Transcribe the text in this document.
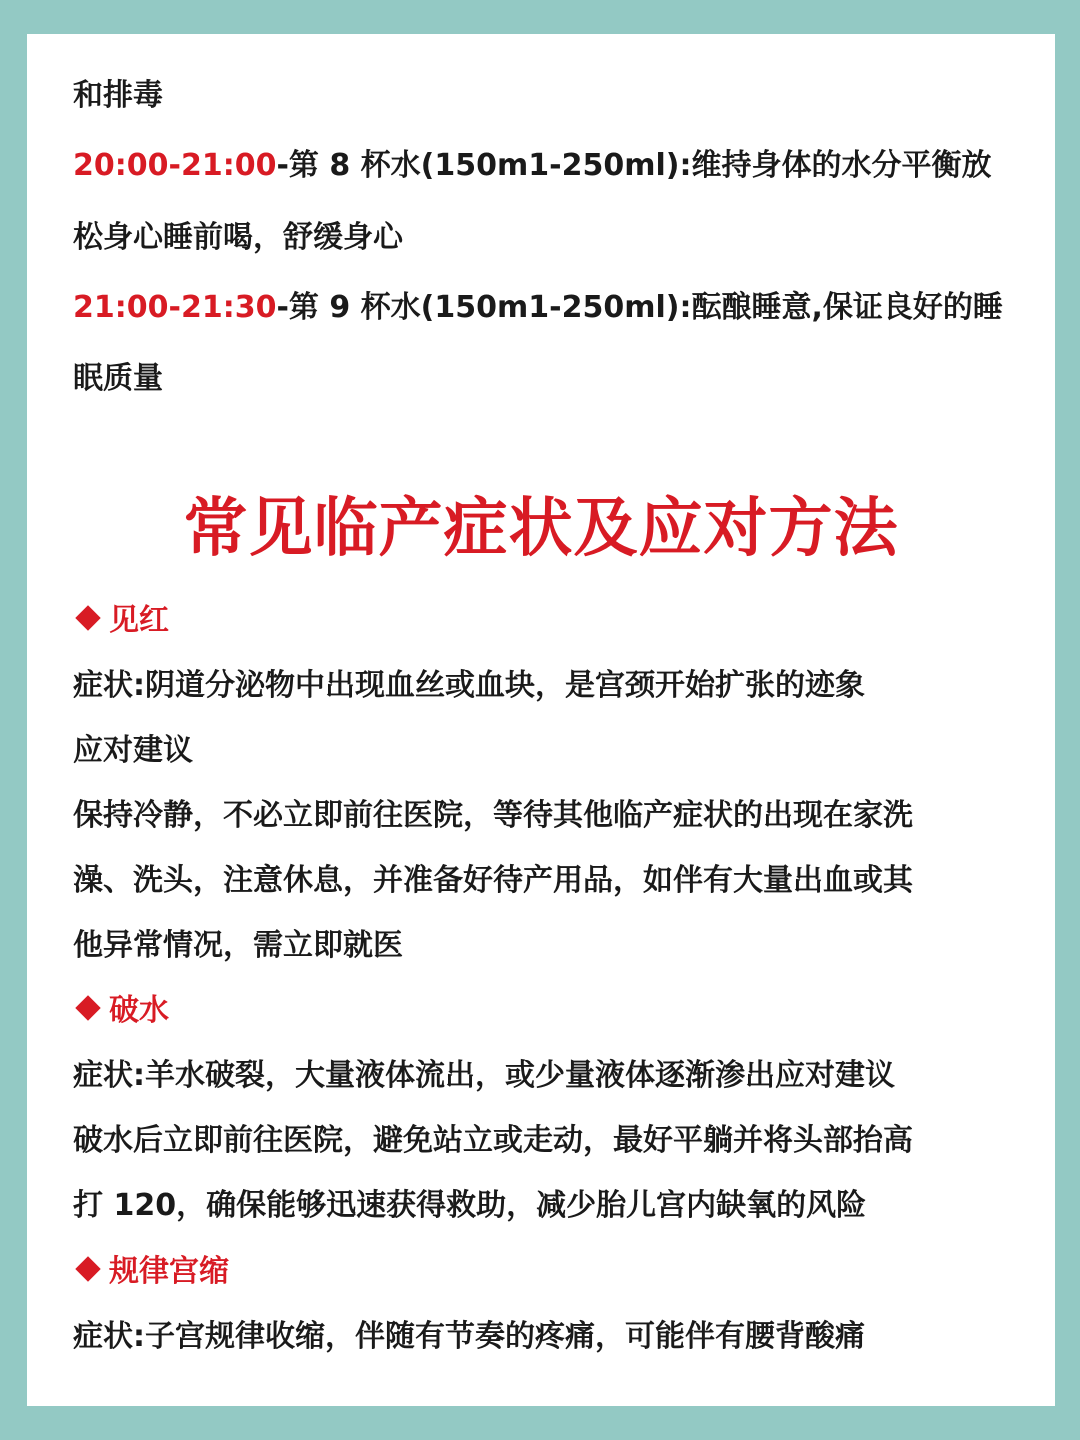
和排毒
20:00-21:00-第 8 杯水(150m1-250ml):维持身体的水分平衡放
松身心睡前喝，舒缓身心
21:00-21:30-第 9 杯水(150m1-250ml):酝酿睡意,保证良好的睡
眠质量
常见临产症状及应对方法
见红
症状:阴道分泌物中出现血丝或血块，是宫颈开始扩张的迹象
应对建议
保持冷静，不必立即前往医院，等待其他临产症状的出现在家洗
澡、洗头，注意休息，并准备好待产用品，如伴有大量出血或其
他异常情况，需立即就医
破水
症状:羊水破裂，大量液体流出，或少量液体逐渐渗出应对建议
破水后立即前往医院，避免站立或走动，最好平躺并将头部抬高
打 120，确保能够迅速获得救助，减少胎儿宫内缺氧的风险
规律宫缩
症状:子宫规律收缩，伴随有节奏的疼痛，可能伴有腰背酸痛
